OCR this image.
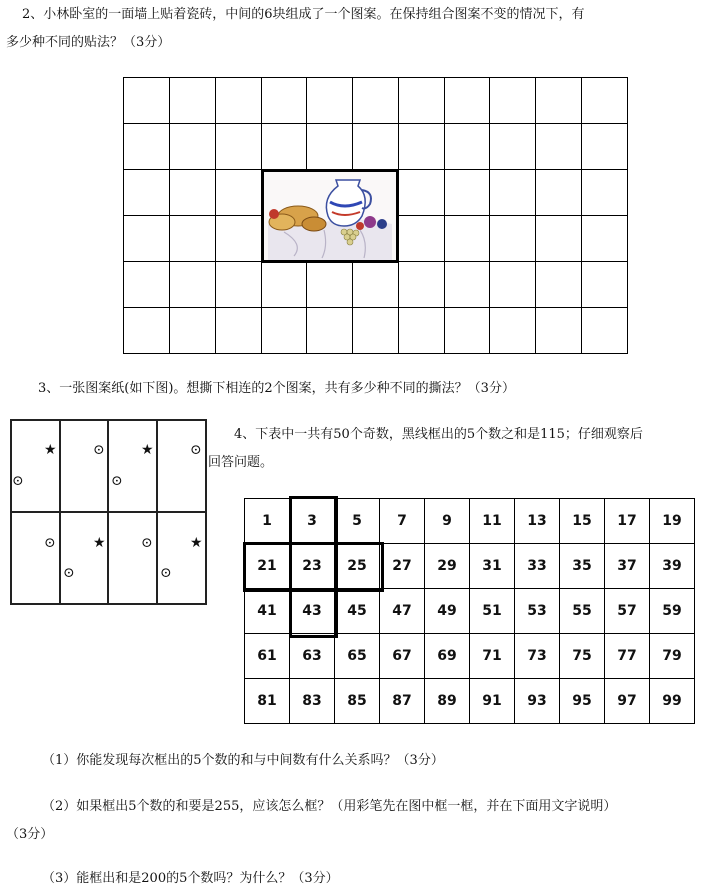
2、小林卧室的一面墙上贴着瓷砖，中间的6块组成了一个图案。在保持组合图案不变的情况下，有
多少种不同的贴法？（3分）
3、一张图案纸(如下图)。想撕下相连的2个图案，共有多少种不同的撕法？（3分）
★	⊙
⊙
★	⊙
⊙
⊙
⊙
★	⊙
⊙
★
4、下表中一共有50个奇数，黑线框出的5个数之和是115；仔细观察后
回答问题。
1	3	5	7	9	11	13	15	17	19
21	23	25	27	29	31	33	35	37	39
41	43	45	47	49	51	53	55	57	59
61	63	65	67	69	71	73	75	77	79
81	83	85	87	89	91	93	95	97	99
（1）你能发现每次框出的5个数的和与中间数有什么关系吗？（3分）
（2）如果框出5个数的和要是255，应该怎么框？（用彩笔先在图中框一框，并在下面用文字说明）
（3分）
（3）能框出和是200的5个数吗？为什么？（3分）
